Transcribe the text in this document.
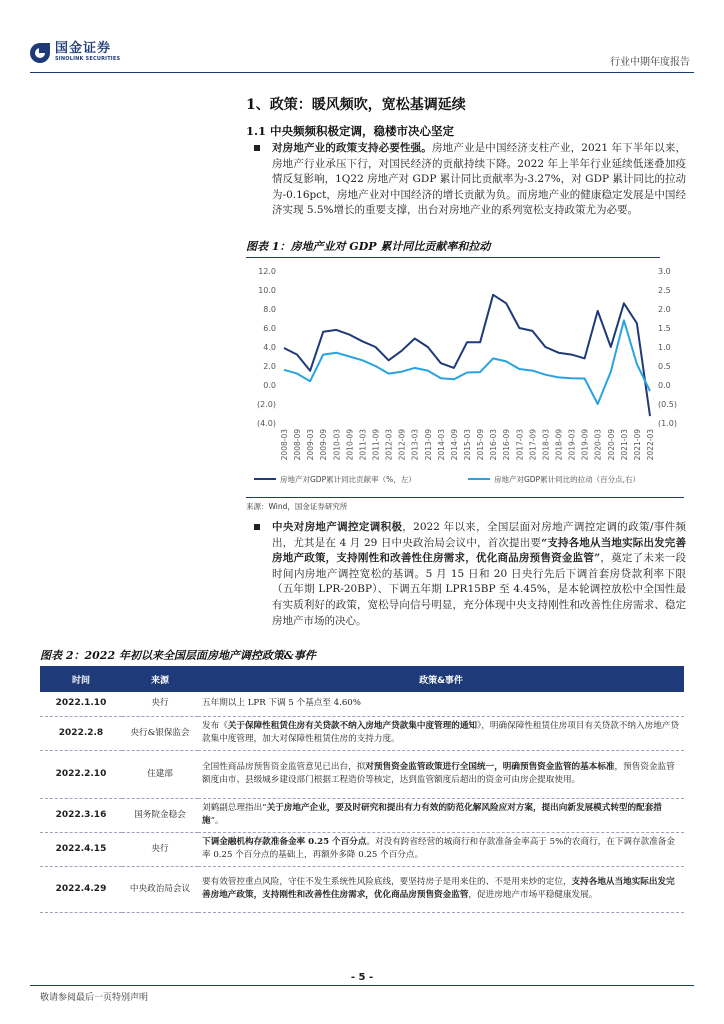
国金证券
SINOLINK SECURITIES	行业中期年度报告
1、政策：暖风频吹，宽松基调延续
1.1 中央频频积极定调，稳楼市决心坚定
对房地产业的政策支持必要性强。房地产业是中国经济支柱产业，2021 年下半年以来，房地产行业承压下行，对国民经济的贡献持续下降。2022 年上半年行业延续低迷叠加疫情反复影响，1Q22 房地产对 GDP 累计同比贡献率为-3.27%，对 GDP 累计同比的拉动为-0.16pct，房地产业对中国经济的增长贡献为负。而房地产业的健康稳定发展是中国经济实现 5.5%增长的重要支撑，出台对房地产业的系列宽松支持政策尤为必要。
图表 1：房地产业对 GDP 累计同比贡献率和拉动
12.0
10.0
8.0
6.0
4.0
2.0
0.0
(2.0)
(4.0)
3.0
2.5
2.0
1.5
1.0
0.5
0.0
(0.5)
(1.0)
2008-03 2008-09 2009-03 2009-09 2010-03 2010-09 2011-03 2011-09 2012-03 2012-09 2013-03 2013-09 2014-03 2014-09 2015-03 2015-09 2016-03 2016-09 2017-03 2017-09 2018-03 2018-09 2019-03 2019-09 2020-03 2020-09 2021-03 2021-09 2022-03
房地产对GDP累计同比贡献率（%，左）	房地产对GDP累计同比的拉动（百分点,右）
来源：Wind，国金证券研究所
中央对房地产调控定调积极，2022 年以来，全国层面对房地产调控定调的政策/事件频出，尤其是在 4 月 29 日中央政治局会议中，首次提出要“支持各地从当地实际出发完善房地产政策，支持刚性和改善性住房需求，优化商品房预售资金监管”，奠定了未来一段时间内房地产调控宽松的基调。5 月 15 日和 20 日央行先后下调首套房贷款利率下限（五年期 LPR-20BP）、下调五年期 LPR15BP 至 4.45%，是本轮调控放松中全国性最有实质利好的政策，宽松导向信号明显，充分体现中央支持刚性和改善性住房需求、稳定房地产市场的决心。
图表 2：2022 年初以来全国层面房地产调控政策&事件
时间	来源	政策&事件
2022.1.10	央行	五年期以上 LPR 下调 5 个基点至 4.60%
2022.2.8	央行&银保监会	发布《关于保障性租赁住房有关贷款不纳入房地产贷款集中度管理的通知》，明确保障性租赁住房项目有关贷款不纳入房地产贷款集中度管理，加大对保障性租赁住房的支持力度。
2022.2.10	住建部	全国性商品房预售资金监管意见已出台，拟对预售资金监管政策进行全国统一，明确预售资金监管的基本标准，预售资金监管额度由市、县级城乡建设部门根据工程造价等核定，达到监管额度后超出的资金可由房企提取使用。
2022.3.16	国务院金稳会	刘鹤副总理指出“关于房地产企业，要及时研究和提出有力有效的防范化解风险应对方案，提出向新发展模式转型的配套措施”。
2022.4.15	央行	下调金融机构存款准备金率 0.25 个百分点。对没有跨省经营的城商行和存款准备金率高于 5%的农商行，在下调存款准备金率 0.25 个百分点的基础上，再额外多降 0.25 个百分点。
2022.4.29	中央政治局会议	要有效管控重点风险，守住不发生系统性风险底线，要坚持房子是用来住的、不是用来炒的定位，支持各地从当地实际出发完善房地产政策，支持刚性和改善性住房需求，优化商品房预售资金监管，促进房地产市场平稳健康发展。
- 5 -
敬请参阅最后一页特别声明
